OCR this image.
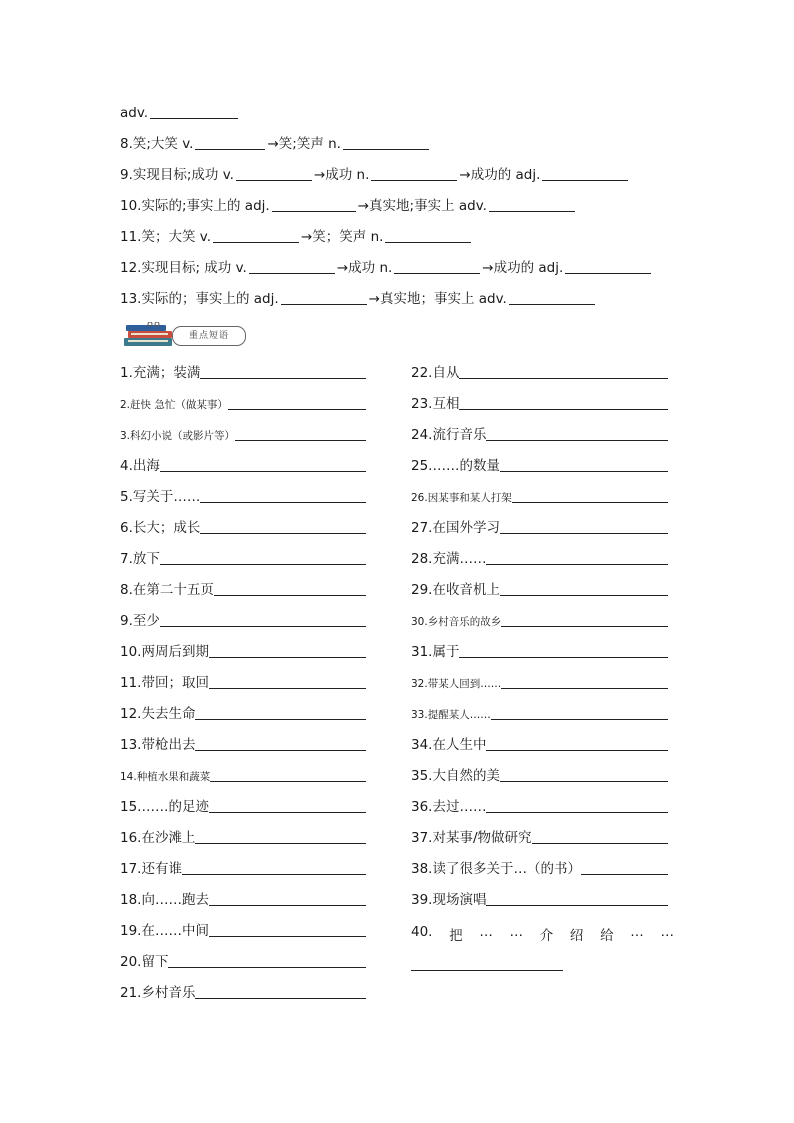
adv.
8.笑;大笑 v.	→笑;笑声 n.
9.实现目标;成功 v.	→成功 n.	→成功的 adj.
10.实际的;事实上的 adj.	→真实地;事实上 adv.
11.笑；大笑 v.	→笑；笑声 n.
12.实现目标; 成功 v.	→成功 n.	→成功的 adj.
13.实际的；事实上的 adj.	→真实地；事实上 adv.
重点短语
40. 把 … … 介 绍 给 … …
1.充满；装满
2.赶快 急忙（做某事）
3.科幻小说（或影片等）
4.出海
5.写关于……
6.长大；成长
7.放下
8.在第二十五页
9.至少
10.两周后到期
11.带回；取回
12.失去生命
13.带枪出去
14.种植水果和蔬菜
15.……的足迹
16.在沙滩上
17.还有谁
18.向……跑去
19.在……中间
20.留下
21.乡村音乐
22.自从
23.互相
24.流行音乐
25.……的数量
26.因某事和某人打架
27.在国外学习
28.充满……
29.在收音机上
30.乡村音乐的故乡
31.属于
32.带某人回到……
33.提醒某人……
34.在人生中
35.大自然的美
36.去过……
37.对某事/物做研究
38.读了很多关于…（的书）
39.现场演唱
